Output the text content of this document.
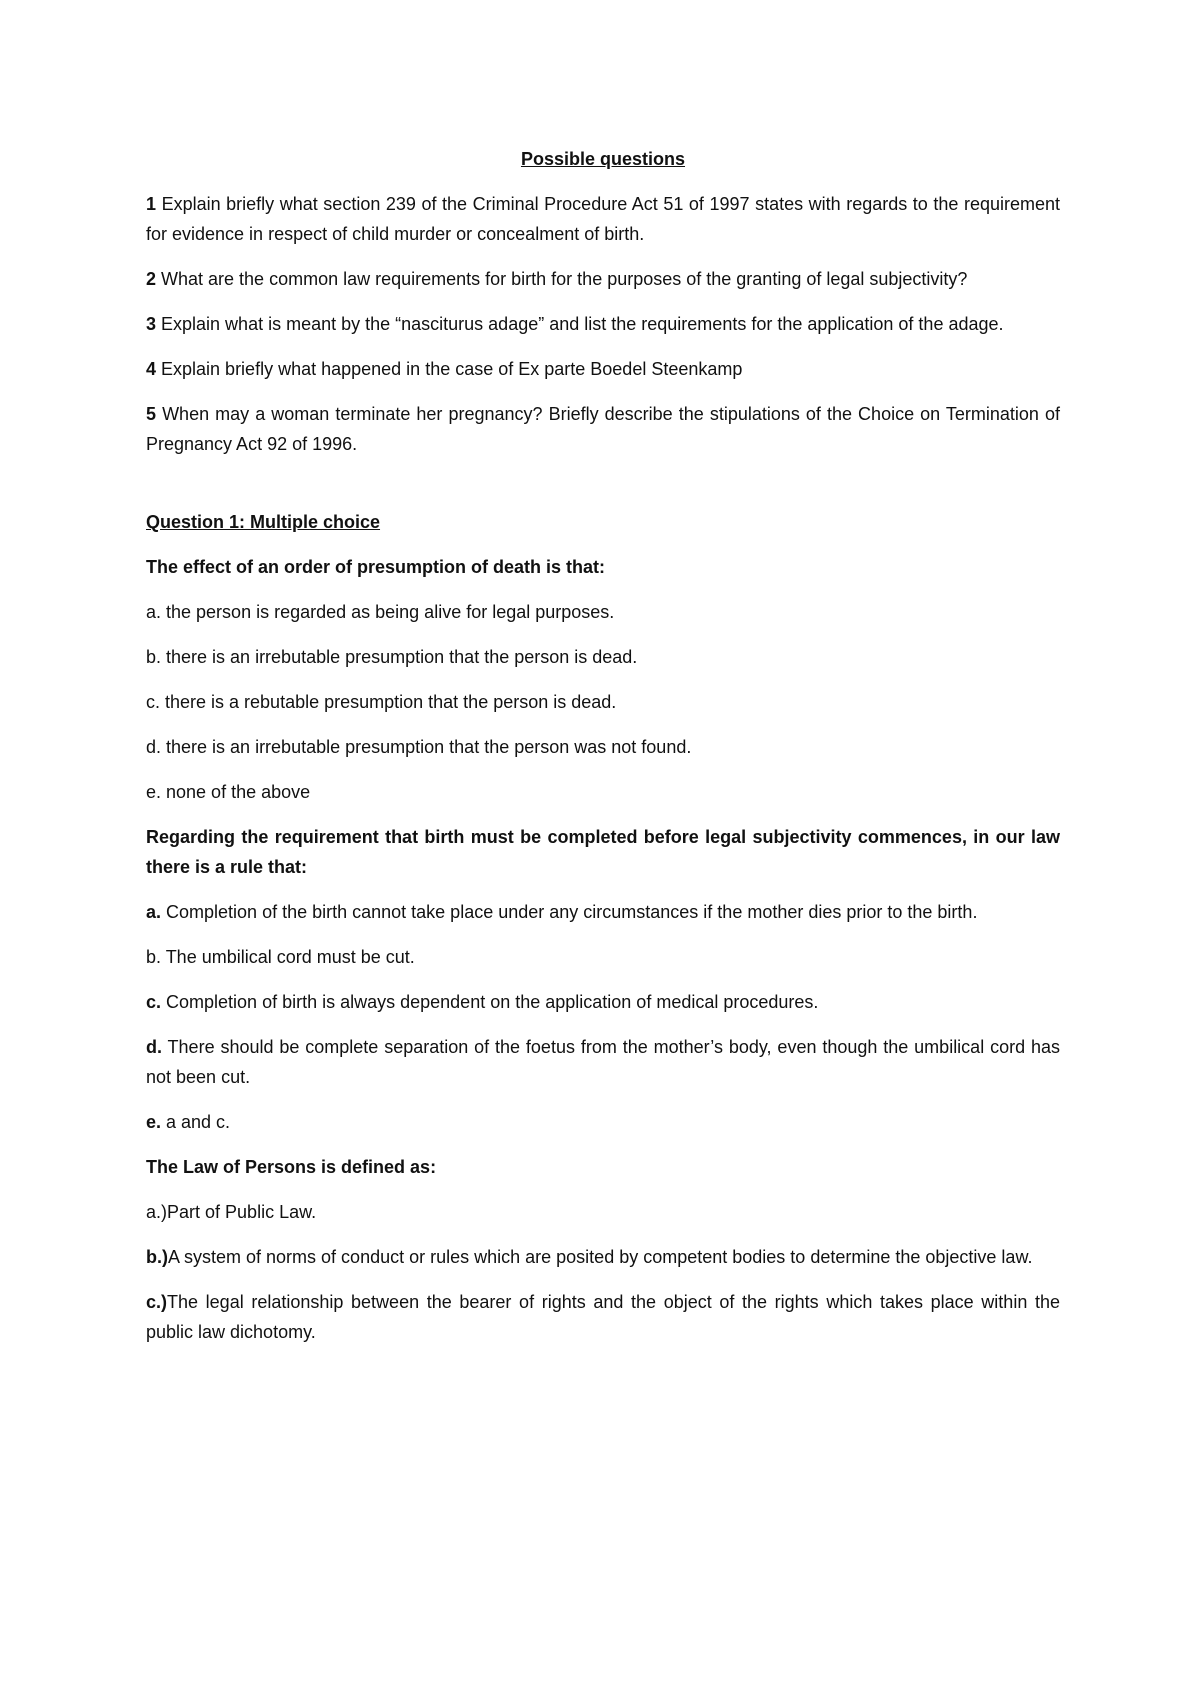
Possible questions

1 Explain briefly what section 239 of the Criminal Procedure Act 51 of 1997 states with regards to the requirement for evidence in respect of child murder or concealment of birth.

2 What are the common law requirements for birth for the purposes of the granting of legal subjectivity?

3 Explain what is meant by the “nasciturus adage” and list the requirements for the application of the adage.

4 Explain briefly what happened in the case of Ex parte Boedel Steenkamp

5 When may a woman terminate her pregnancy? Briefly describe the stipulations of the Choice on Termination of Pregnancy Act 92 of 1996.

Question 1: Multiple choice

The effect of an order of presumption of death is that:

a. the person is regarded as being alive for legal purposes.

b. there is an irrebutable presumption that the person is dead.

c. there is a rebutable presumption that the person is dead.

d. there is an irrebutable presumption that the person was not found.

e. none of the above

Regarding the requirement that birth must be completed before legal subjectivity commences, in our law there is a rule that:

a. Completion of the birth cannot take place under any circumstances if the mother dies prior to the birth.

b. The umbilical cord must be cut.

c. Completion of birth is always dependent on the application of medical procedures.

d. There should be complete separation of the foetus from the mother’s body, even though the umbilical cord has not been cut.

e. a and c.

The Law of Persons is defined as:

a.)Part of Public Law.

b.)A system of norms of conduct or rules which are posited by competent bodies to determine the objective law.

c.)The legal relationship between the bearer of rights and the object of the rights which takes place within the public law dichotomy.
